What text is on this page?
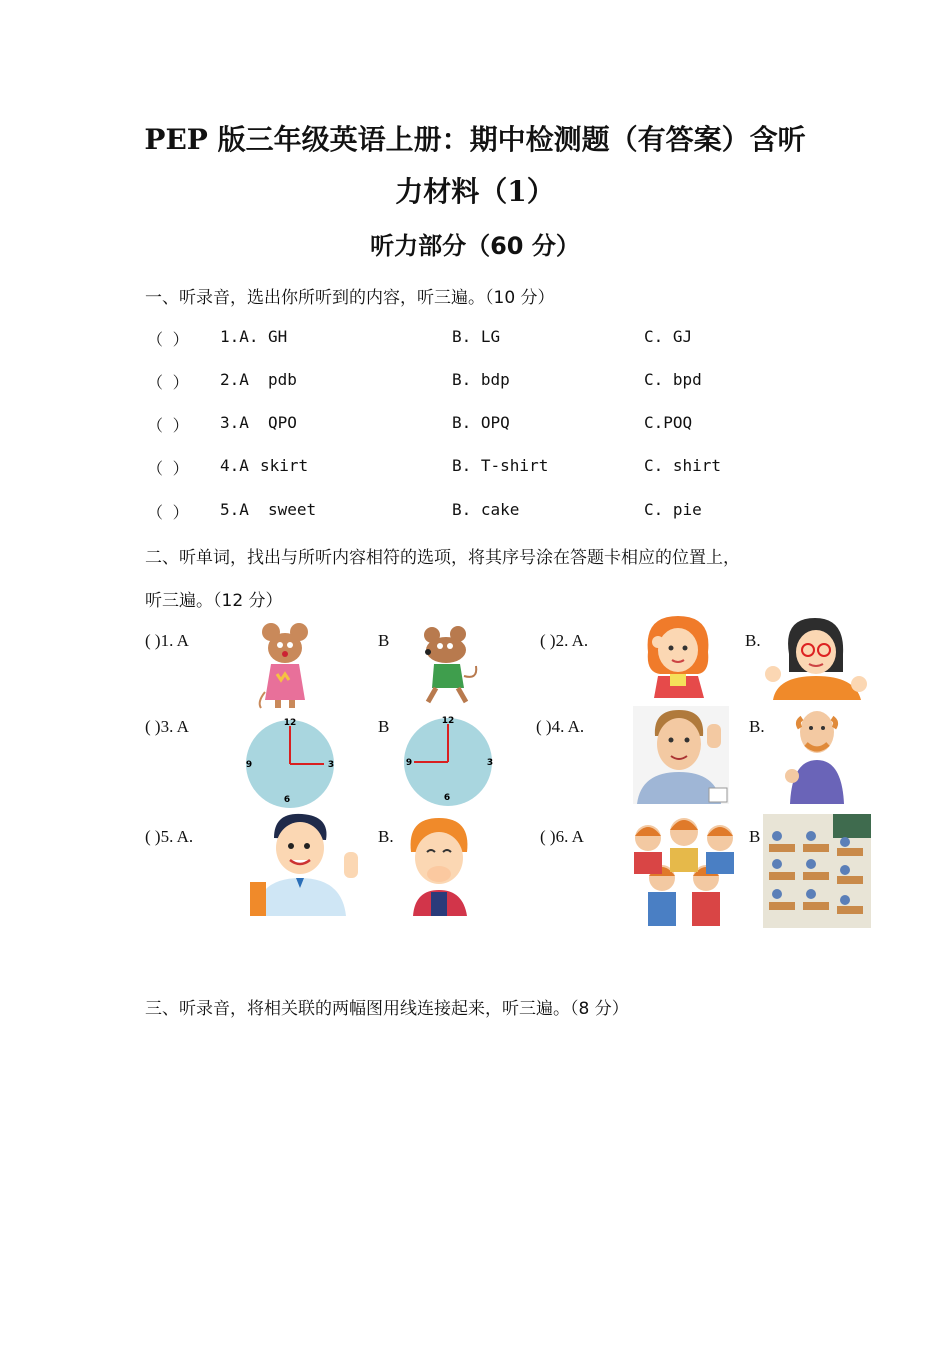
PEP 版三年级英语上册：期中检测题（有答案）含听
力材料（1）
听力部分（60 分）
一、听录音，选出你所听到的内容，听三遍。（10 分）
（ ） 1.A. GH	B. LG	C. GJ
（ ） 2.A pdb	B. bdp	C. bpd
（ ） 3.A QPO	B. OPQ	C.POQ
（ ） 4.A skirt	B. T-shirt	C. shirt
（ ） 5.A sweet	B. cake	C. pie
二、听单词，找出与所听内容相符的选项，将其序号涂在答题卡相应的位置上，
听三遍。（12 分）
( )1. A	B	( )2. A.	B.
( )3. A	B	( )4. A.	B.
12
3
6
9
12
3
6
9
( )5. A.	B.	( )6. A	B
三、听录音，将相关联的两幅图用线连接起来，听三遍。（8 分）
